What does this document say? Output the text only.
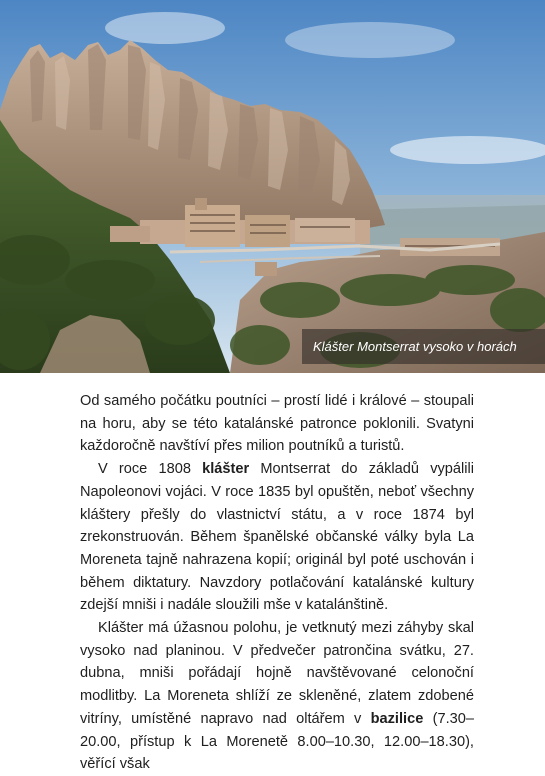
Klášter Montserrat vysoko v horách

Od samého počátku poutníci – prostí lidé i králové – stoupali na horu, aby se této katalánské patronce poklonili. Svatyni každoročně navštíví přes milion poutníků a turistů.

V roce 1808 klášter Montserrat do základů vypálili Napoleonovi vojáci. V roce 1835 byl opuštěn, neboť všechny kláštery přešly do vlastnictví státu, a v roce 1874 byl zrekonstruován. Během španělské občanské války byla La Moreneta tajně nahrazena kopií; originál byl poté uschován i během diktatury. Navzdory potlačování katalánské kultury zdejší mniši i nadále sloužili mše v katalánštině.

Klášter má úžasnou polohu, je vetknutý mezi záhyby skal vysoko nad planinou. V předvečer patrončina svátku, 27. dubna, mniši pořádají hojně navštěvované celonoční modlitby. La Moreneta shlíží ze skleněné, zlatem zdobené vitríny, umístěné napravo nad oltářem v bazilice (7.30–20.00, přístup k La Morenetě 8.00–10.30, 12.00–18.30), věřící však
